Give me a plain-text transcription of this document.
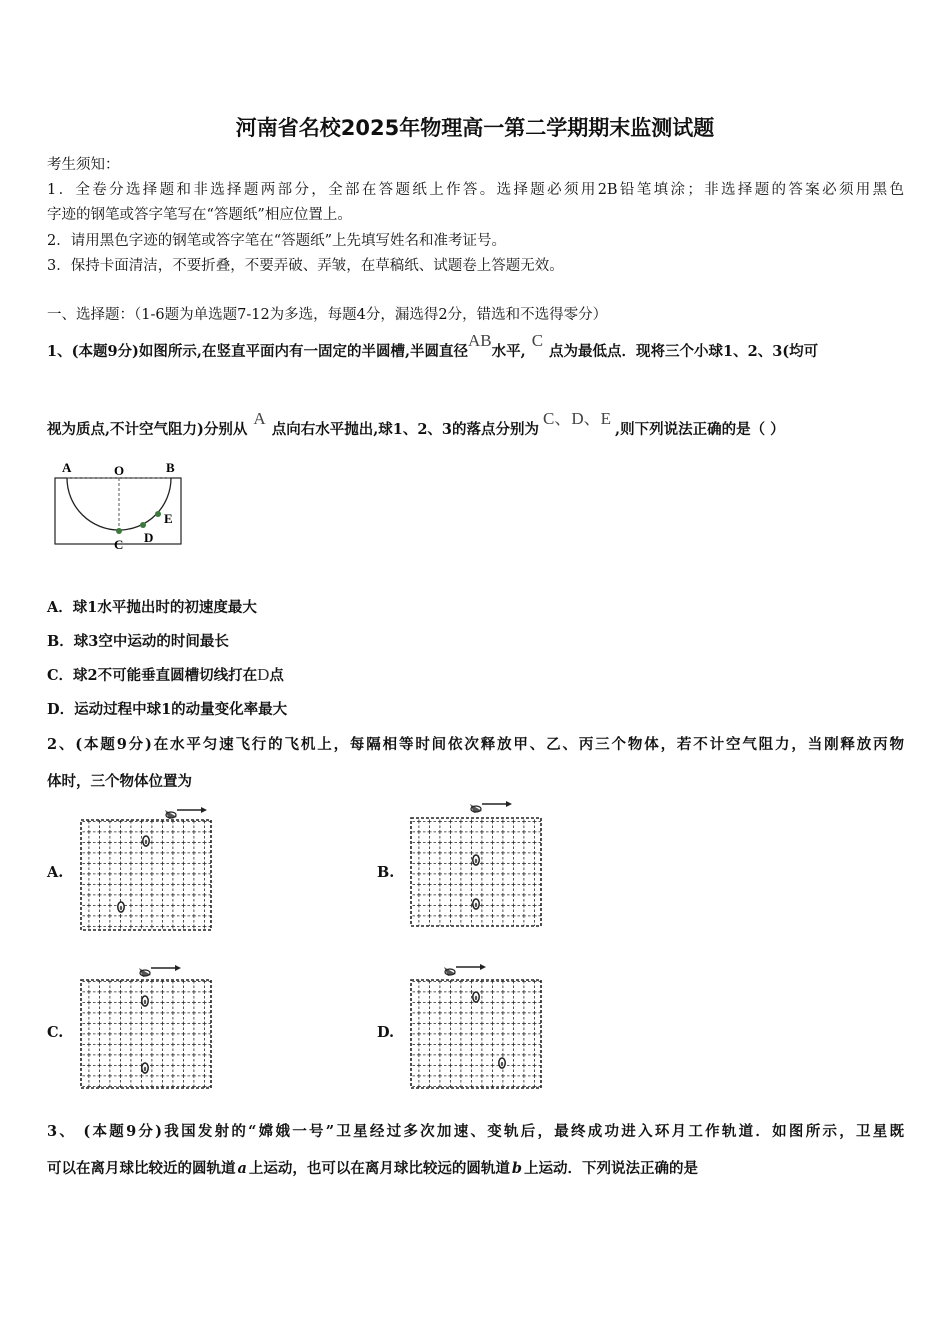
河南省名校2025年物理高一第二学期期末监测试题
考生须知：
1．全卷分选择题和非选择题两部分，全部在答题纸上作答。选择题必须用2B铅笔填涂；非选择题的答案必须用黑色
字迹的钢笔或答字笔写在“答题纸”相应位置上。
2．请用黑色字迹的钢笔或答字笔在“答题纸”上先填写姓名和准考证号。
3．保持卡面清洁，不要折叠，不要弄破、弄皱，在草稿纸、试题卷上答题无效。
一、选择题：（1-6题为单选题7-12为多选，每题4分，漏选得2分，错选和不选得零分）
1、(本题9分)如图所示,在竖直平面内有一固定的半圆槽,半圆直径AB水平,C点为最低点．现将三个小球1、2、3(均可
视为质点,不计空气阻力)分别从A点向右水平抛出,球1、2、3的落点分别为C、D、E,则下列说法正确的是（ ）
A	O	B
C D
E
A．球1水平抛出时的初速度最大
B．球3空中运动的时间最长
C．球2不可能垂直圆槽切线打在D点
D．运动过程中球1的动量变化率最大
2、(本题9分)在水平匀速飞行的飞机上，每隔相等时间依次释放甲、乙、丙三个物体，若不计空气阻力，当刚释放丙物
体时，三个物体位置为
A.	B.
C.	D.
3、 (本题9分)我国发射的“嫦娥一号”卫星经过多次加速、变轨后，最终成功进入环月工作轨道．如图所示，卫星既
可以在离月球比较近的圆轨道 a 上运动，也可以在离月球比较远的圆轨道 b 上运动．下列说法正确的是
